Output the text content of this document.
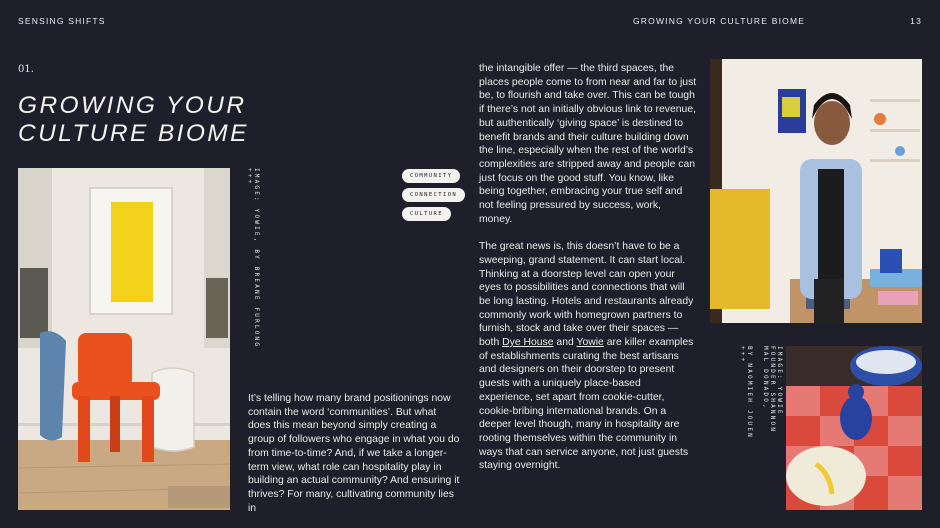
SENSING SHIFTS	GROWING YOUR CULTURE BIOME	13
01.
GROWING YOUR CULTURE BIOME
IMAGE: YOWIE, BY BREANE FURLONG +++	COMMUNITY
CONNECTION
CULTURE

It’s telling how many brand positionings now contain the word ‘communities’. But what does this mean beyond simply creating a group of followers who engage in what you do from time-to-time? And, if we take a longer-term view, what role can hospitality play in building an actual community? And ensuring it thrives? For many, cultivating community lies in

the intangible offer — the third spaces, the places people come to from near and far to just be, to flourish and take over. This can be tough if there’s not an initially obvious link to revenue, but authentically ‘giving space’ is destined to benefit brands and their culture building down the line, especially when the rest of the world’s complexities are stripped away and people can just focus on the good stuff. You know, like being together, embracing your true self and not feeling pressured by success, work, money.

The great news is, this doesn’t have to be a sweeping, grand statement. It can start local. Thinking at a doorstep level can open your eyes to possibilities and connections that will be long lasting. Hotels and restaurants already commonly work with homegrown partners to furnish, stock and take over their spaces — both Dye House and Yowie are killer examples of establishments curating the best artisans and designers on their doorstep to present guests with a uniquely place-based experience, set apart from cookie-cutter, cookie-bribing international brands. On a deeper level though, many in hospitality are rooting themselves within the community in ways that can service anyone, not just guests staying overnight.

IMAGE: YOWIE FOUNDER SHANNON MAL DONADO,
BY NAOMIEH JOUEN +++
